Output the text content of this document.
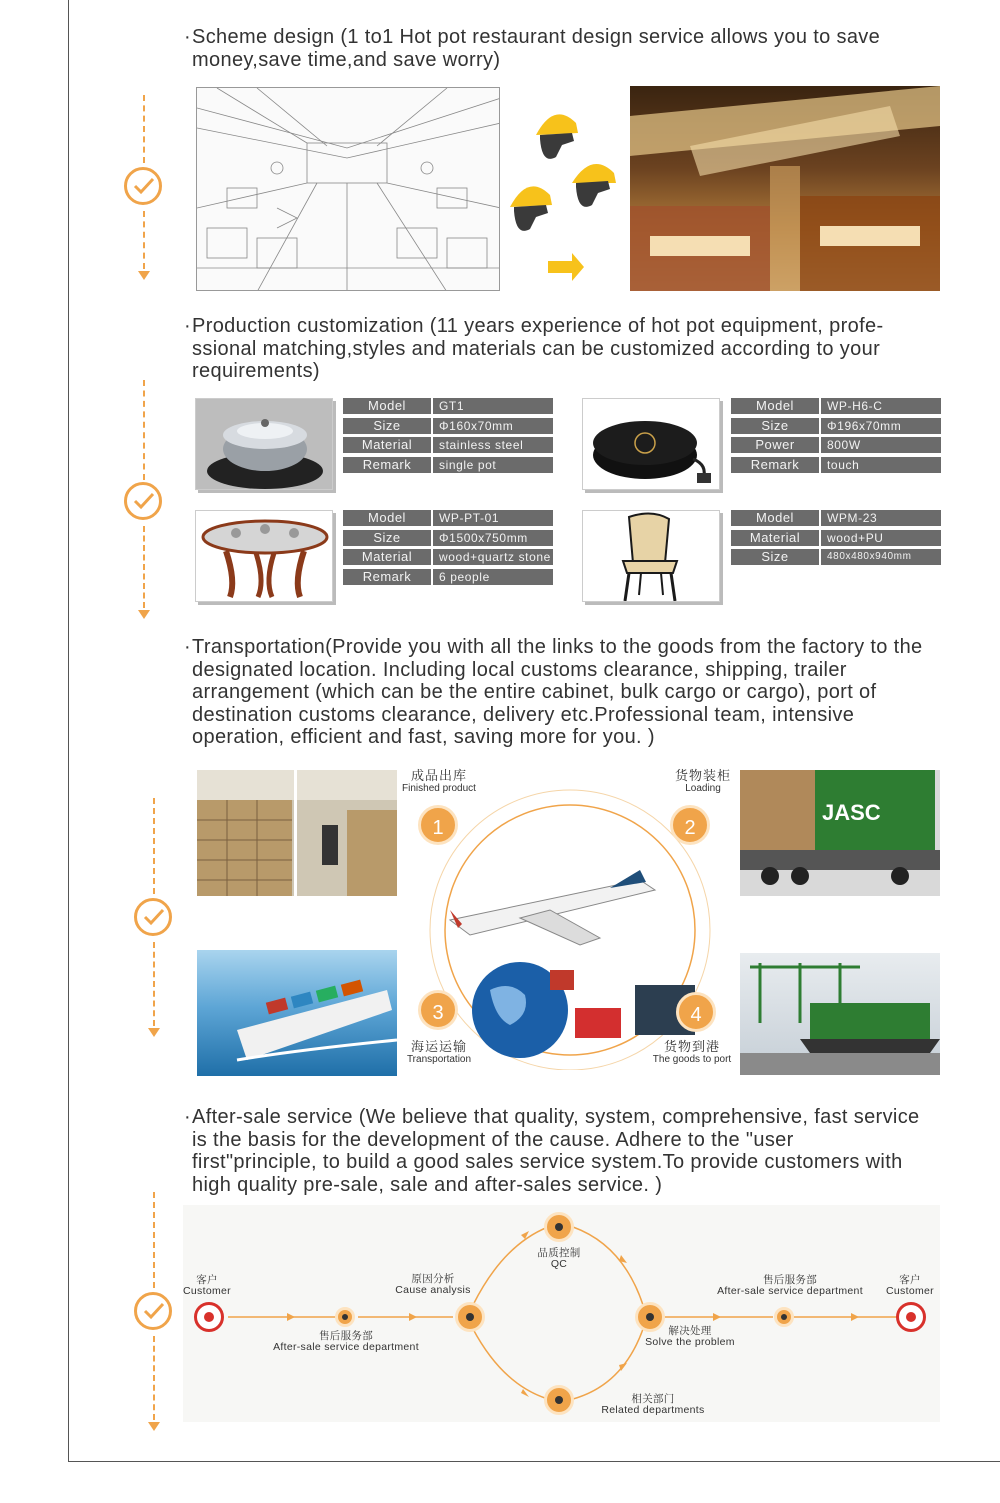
· Scheme design (1 to1 Hot pot restaurant design service allows you to save money,save time,and save worry)
· Production customization (11 years experience of hot pot equipment, profe-ssional matching,styles and materials can be customized according to your requirements)
Model	GT1
Size	Φ160x70mm
Material	stainless steel
Remark	single pot
Model	WP-H6-C
Size	Φ196x70mm
Power	800W
Remark	touch
Model	WP-PT-01
Size	Φ1500x750mm
Material	wood+quartz stone
Remark	6 people
Model	WPM-23
Material	wood+PU
Size	480x480x940mm
· Transportation(Provide you with all the links to the goods from the factory to the designated location. Including local customs clearance, shipping, trailer arrangement (which can be the entire cabinet, bulk cargo or cargo), port of destination customs clearance, delivery etc.Professional team, intensive operation, efficient and fast, saving more for you. )
JASC
成品出库
Finished product
1
货物装柜
Loading
2
3
海运运输
Transportation
4
货物到港
The goods to port
· After-sale service (We believe that quality, system, comprehensive, fast service is the basis for the development of the cause. Adhere to the "user first"principle, to build a good sales service system.To provide customers with high quality pre-sale, sale and after-sales service. )
客户
Customer
售后服务部
After-sale service department
原因分析
Cause analysis
品质控制
QC
相关部门
Related departments
解决处理
Solve the problem
售后服务部
After-sale service department
客户
Customer
